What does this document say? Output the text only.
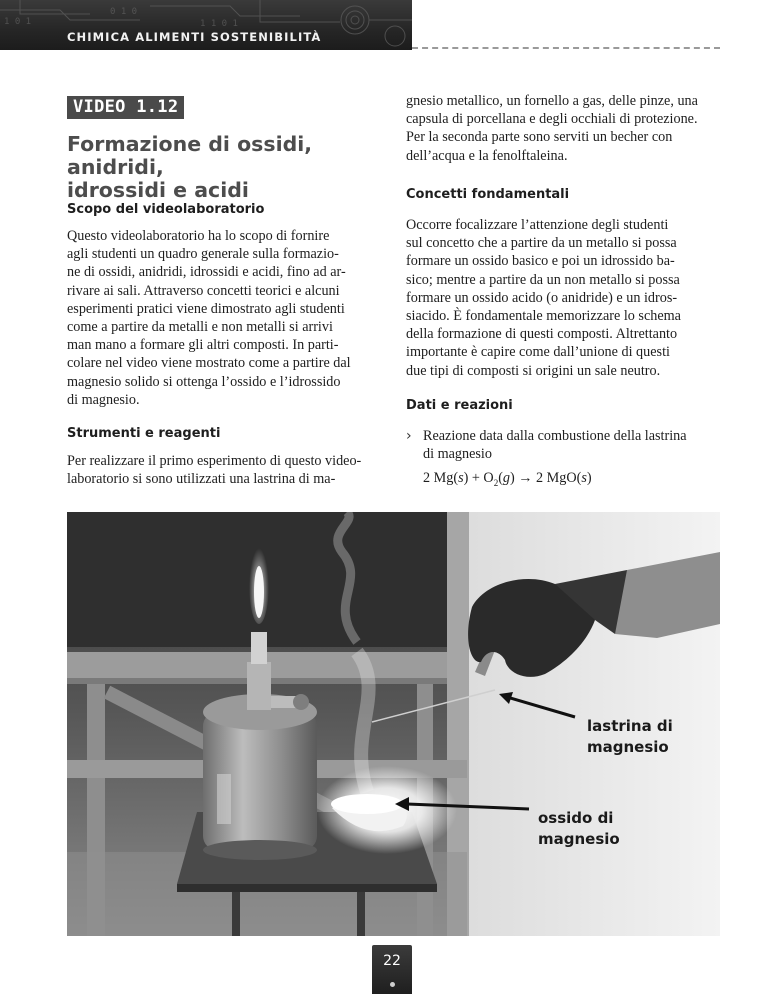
1 0 1
0 1 0
1 1 0 1
CHIMICA ALIMENTI SOSTENIBILITÀ
VIDEO 1.12
Formazione di ossidi, anidridi,
idrossidi e acidi
Scopo del videolaboratorio
Questo videolaboratorio ha lo scopo di fornire
agli studenti un quadro generale sulla formazio-
ne di ossidi, anidridi, idrossidi e acidi, fino ad ar-
rivare ai sali. Attraverso concetti teorici e alcuni
esperimenti pratici viene dimostrato agli studenti
come a partire da metalli e non metalli si arrivi
man mano a formare gli altri composti. In parti-
colare nel video viene mostrato come a partire dal
magnesio solido si ottenga l’ossido e l’idrossido
di magnesio.
Strumenti e reagenti
Per realizzare il primo esperimento di questo video-
laboratorio si sono utilizzati una lastrina di ma-
gnesio metallico, un fornello a gas, delle pinze, una
capsula di porcellana e degli occhiali di protezione.
Per la seconda parte sono serviti un becher con
dell’acqua e la fenolftaleina.
Concetti fondamentali
Occorre focalizzare l’attenzione degli studenti
sul concetto che a partire da un metallo si possa
formare un ossido basico e poi un idrossido ba-
sico; mentre a partire da un non metallo si possa
formare un ossido acido (o anidride) e un idros-
siacido. È fondamentale memorizzare lo schema
della formazione di questi composti. Altrettanto
importante è capire come dall’unione di questi
due tipi di composti si origini un sale neutro.
Dati e reazioni
› Reazione data dalla combustione della lastrina
di magnesio
2 $Mg(s) + O_2(g) \to 2$ MgO(s)
lastrina di
magnesio
ossido di
magnesio
22
